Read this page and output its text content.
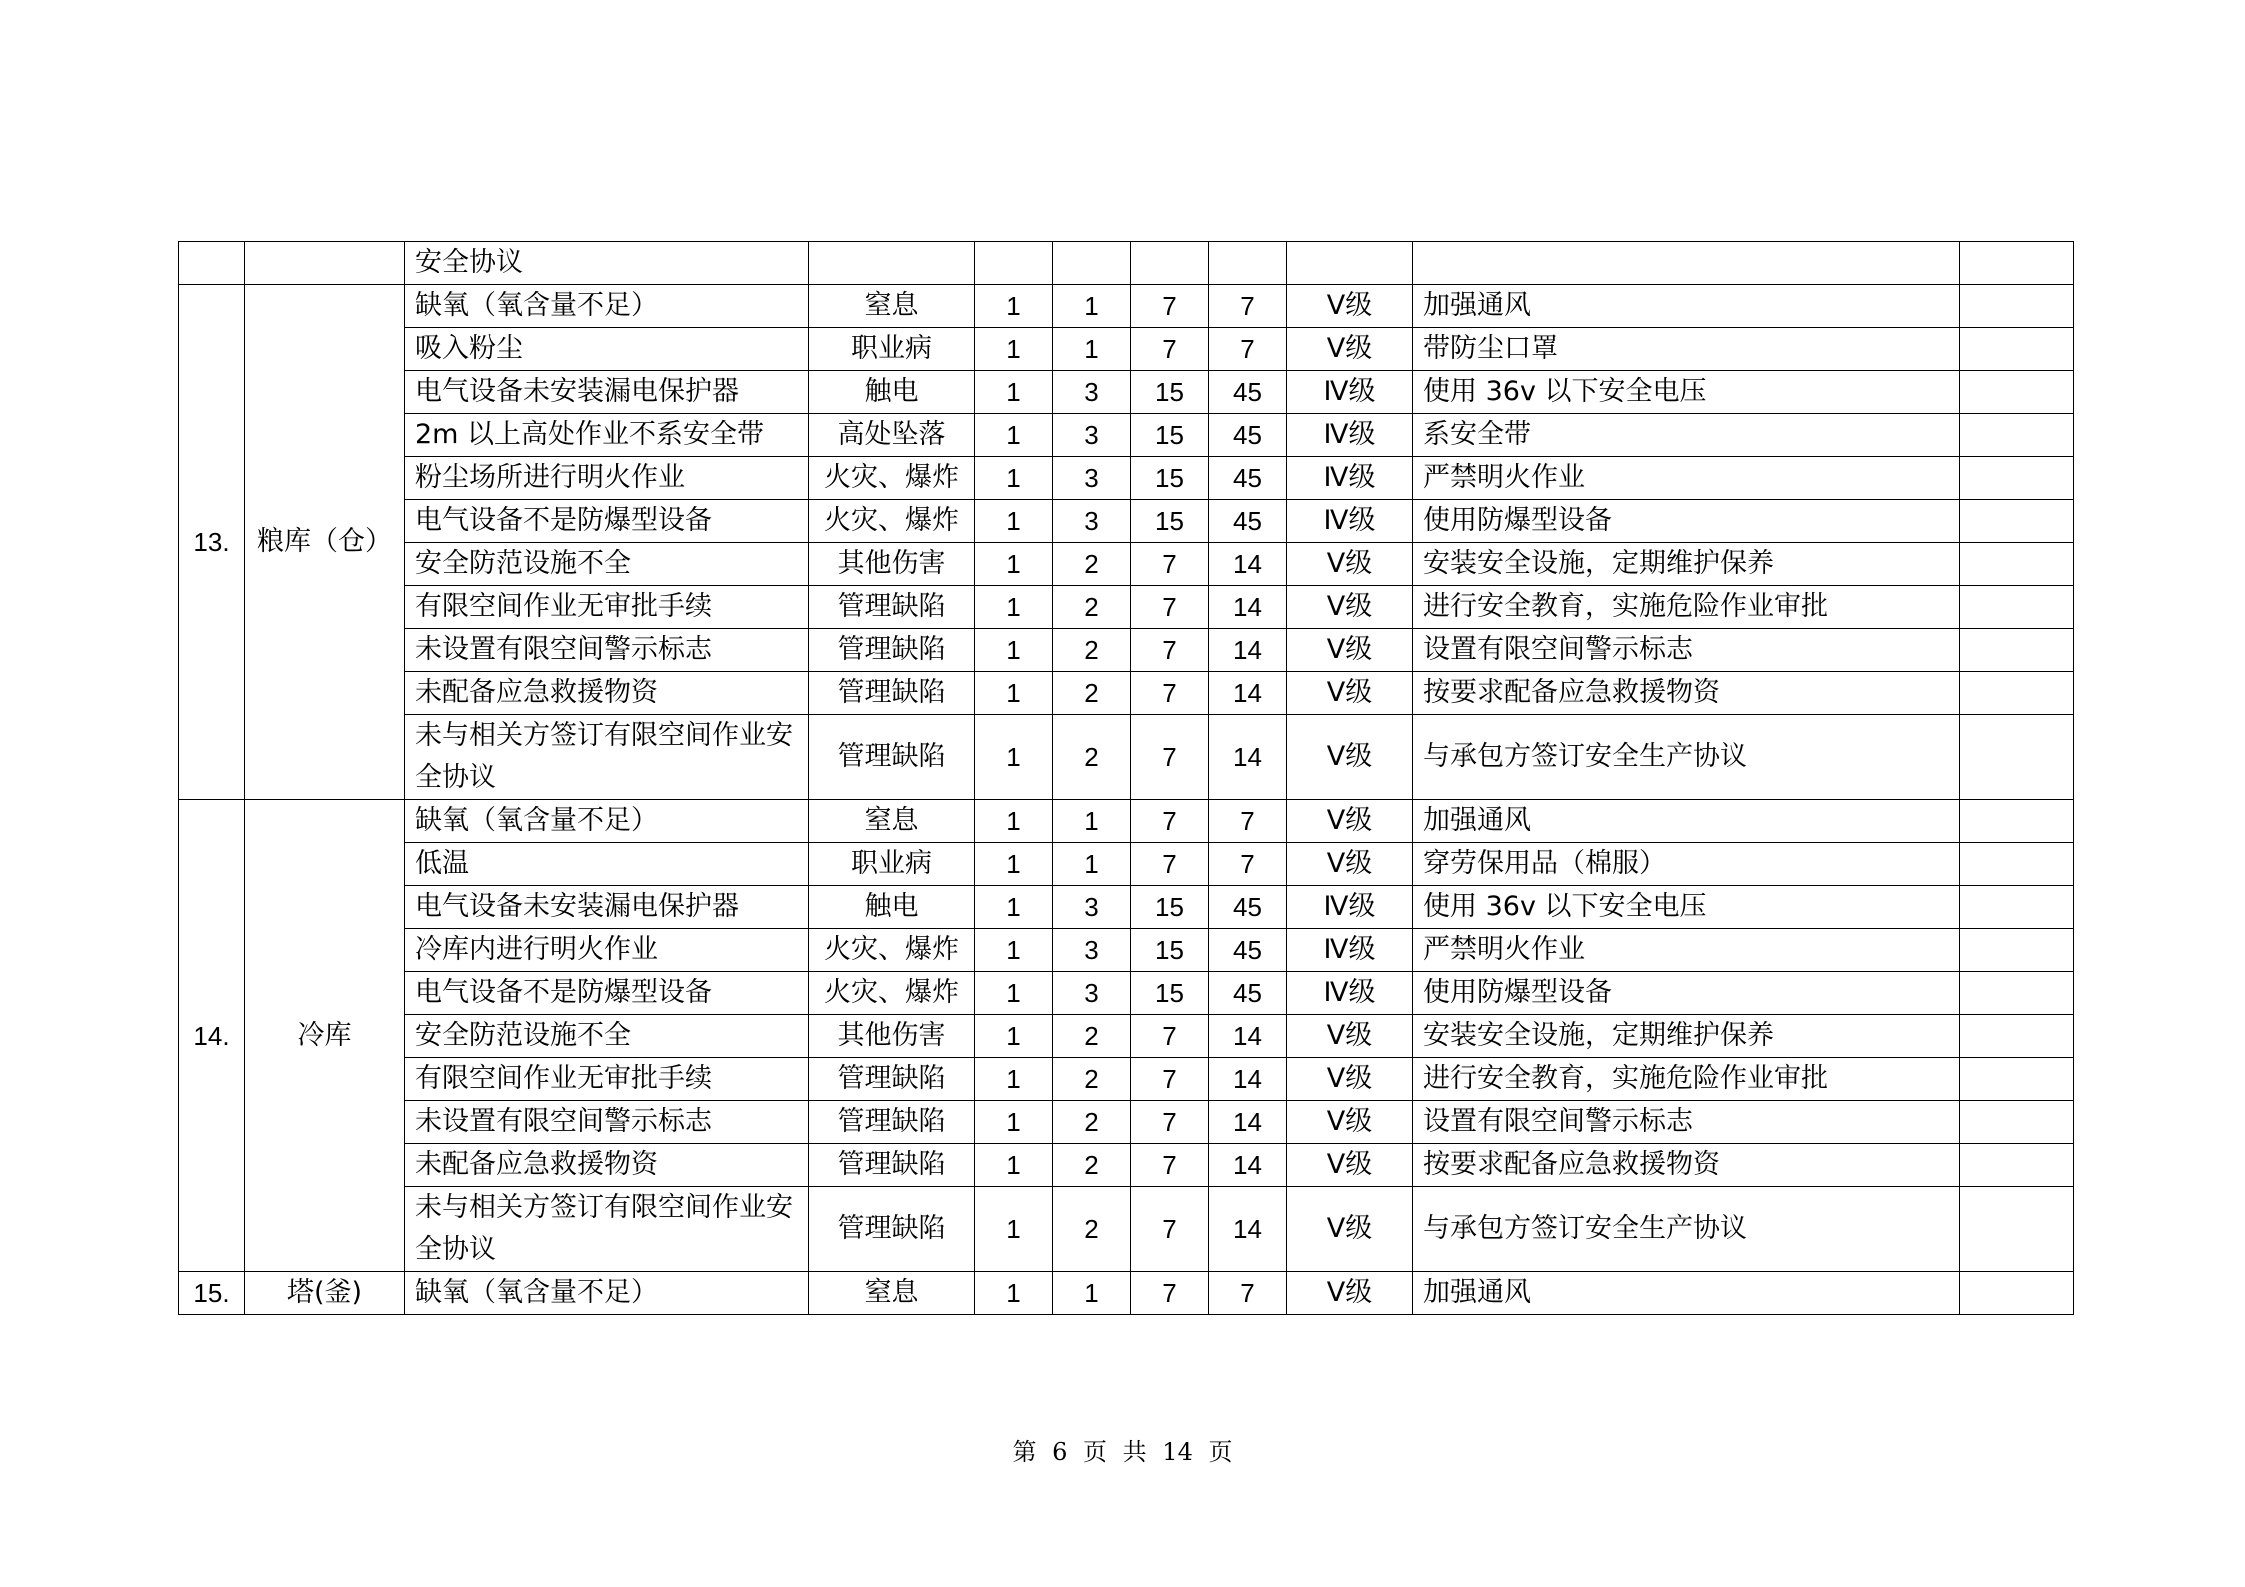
		安全协议								
13.	粮库（仓）	缺氧（氧含量不足）	窒息	1	1	7	7	Ⅴ级	加强通风	
		吸入粉尘	职业病	1	1	7	7	Ⅴ级	带防尘口罩	
		电气设备未安装漏电保护器	触电	1	3	15	45	Ⅳ级	使用 36v 以下安全电压	
		2m 以上高处作业不系安全带	高处坠落	1	3	15	45	Ⅳ级	系安全带	
		粉尘场所进行明火作业	火灾、爆炸	1	3	15	45	Ⅳ级	严禁明火作业	
		电气设备不是防爆型设备	火灾、爆炸	1	3	15	45	Ⅳ级	使用防爆型设备	
		安全防范设施不全	其他伤害	1	2	7	14	Ⅴ级	安装安全设施，定期维护保养	
		有限空间作业无审批手续	管理缺陷	1	2	7	14	Ⅴ级	进行安全教育，实施危险作业审批	
		未设置有限空间警示标志	管理缺陷	1	2	7	14	Ⅴ级	设置有限空间警示标志	
		未配备应急救援物资	管理缺陷	1	2	7	14	Ⅴ级	按要求配备应急救援物资	
		未与相关方签订有限空间作业安全协议	管理缺陷	1	2	7	14	Ⅴ级	与承包方签订安全生产协议	
14.	冷库	缺氧（氧含量不足）	窒息	1	1	7	7	Ⅴ级	加强通风	
		低温	职业病	1	1	7	7	Ⅴ级	穿劳保用品（棉服）	
		电气设备未安装漏电保护器	触电	1	3	15	45	Ⅳ级	使用 36v 以下安全电压	
		冷库内进行明火作业	火灾、爆炸	1	3	15	45	Ⅳ级	严禁明火作业	
		电气设备不是防爆型设备	火灾、爆炸	1	3	15	45	Ⅳ级	使用防爆型设备	
		安全防范设施不全	其他伤害	1	2	7	14	Ⅴ级	安装安全设施，定期维护保养	
		有限空间作业无审批手续	管理缺陷	1	2	7	14	Ⅴ级	进行安全教育，实施危险作业审批	
		未设置有限空间警示标志	管理缺陷	1	2	7	14	Ⅴ级	设置有限空间警示标志	
		未配备应急救援物资	管理缺陷	1	2	7	14	Ⅴ级	按要求配备应急救援物资	
		未与相关方签订有限空间作业安全协议	管理缺陷	1	2	7	14	Ⅴ级	与承包方签订安全生产协议	
15.	塔(釜)	缺氧（氧含量不足）	窒息	1	1	7	7	Ⅴ级	加强通风	
第 6 页 共 14 页
